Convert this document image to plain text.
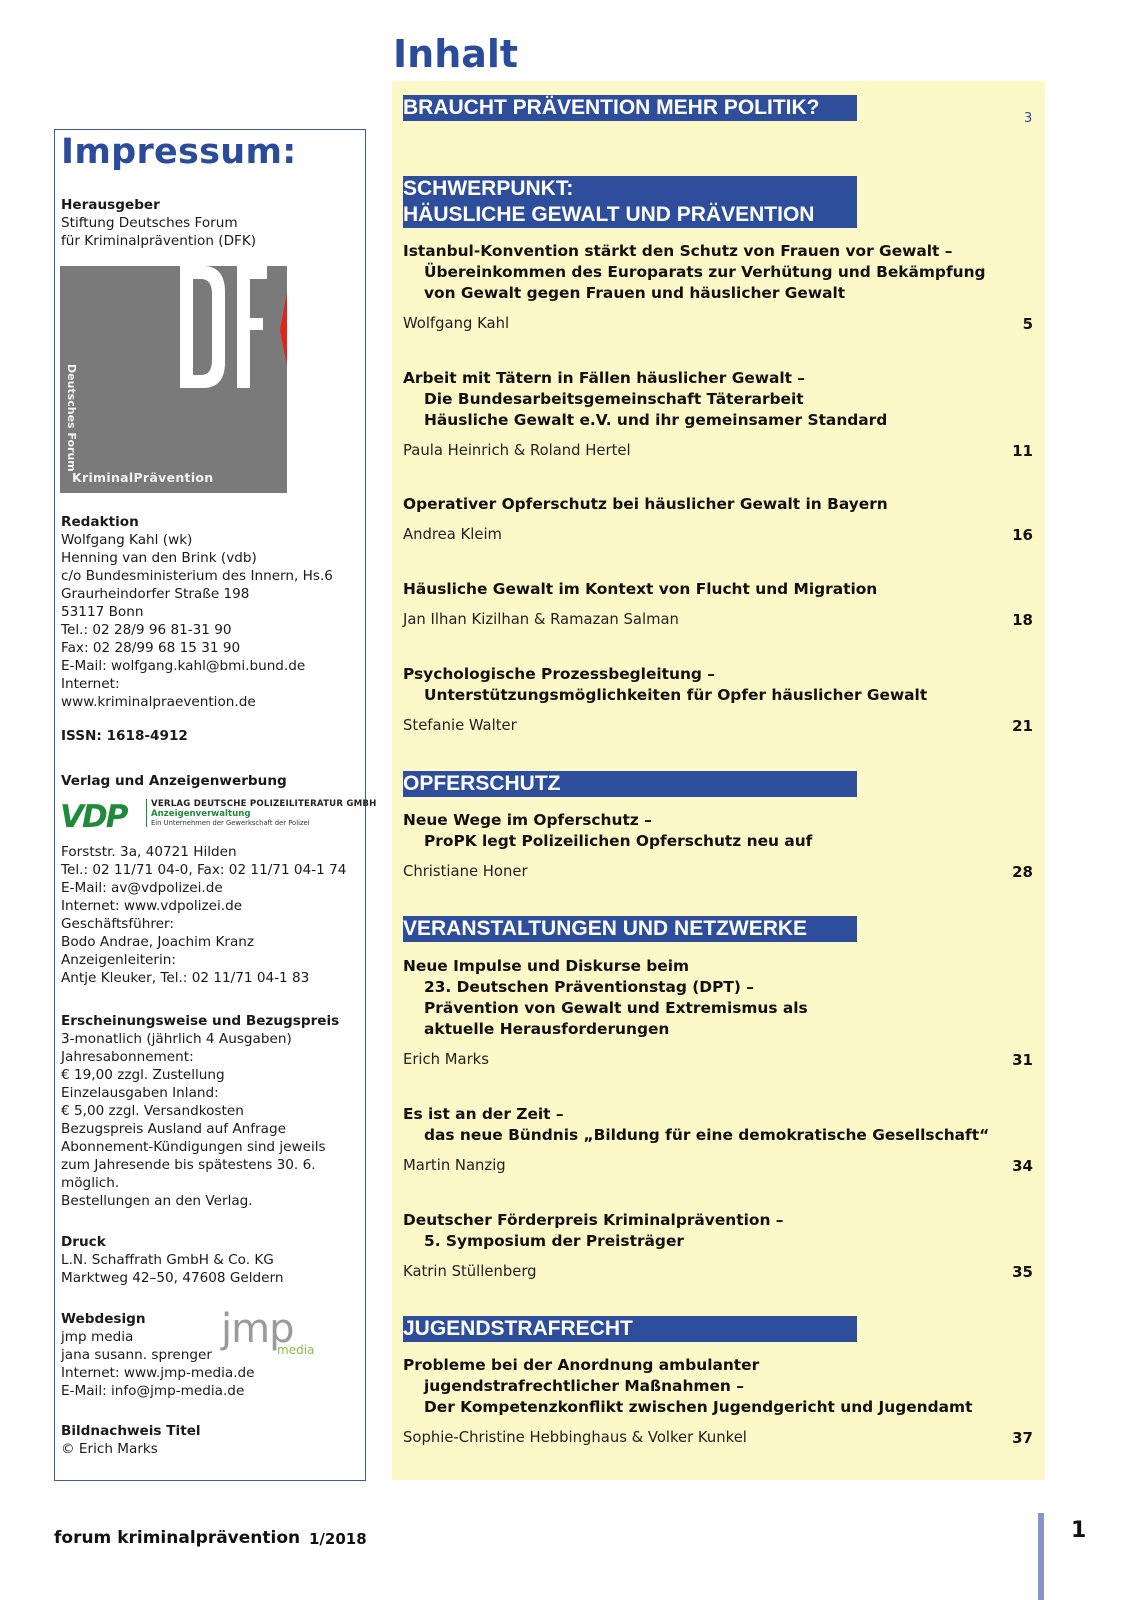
Impressum:
Herausgeber
Stiftung Deutsches Forum
für Kriminalprävention (DFK)
Deutsches Forum
KriminalPrävention
Redaktion
Wolfgang Kahl (wk)
Henning van den Brink (vdb)
c/o Bundesministerium des Innern, Hs.6
Graurheindorfer Straße 198
53117 Bonn
Tel.: 02 28/9 96 81-31 90
Fax: 02 28/99 68 15 31 90
E-Mail: wolfgang.kahl@bmi.bund.de
Internet:
www.kriminalpraevention.de
ISSN: 1618-4912
Verlag und Anzeigenwerbung
VDP	VERLAG DEUTSCHE POLIZEILITERATUR GMBH
Anzeigenverwaltung
Ein Unternehmen der Gewerkschaft der Polizei
Forststr. 3a, 40721 Hilden
Tel.: 02 11/71 04-0, Fax: 02 11/71 04-1 74
E-Mail: av@vdpolizei.de
Internet: www.vdpolizei.de
Geschäftsführer:
Bodo Andrae, Joachim Kranz
Anzeigenleiterin:
Antje Kleuker, Tel.: 02 11/71 04-1 83
Erscheinungsweise und Bezugspreis
3-monatlich (jährlich 4 Ausgaben)
Jahresabonnement:
€ 19,00 zzgl. Zustellung
Einzelausgaben Inland:
€ 5,00 zzgl. Versandkosten
Bezugspreis Ausland auf Anfrage
Abonnement-Kündigungen sind jeweils
zum Jahresende bis spätestens 30. 6.
möglich.
Bestellungen an den Verlag.
Druck
L.N. Schaffrath GmbH & Co. KG
Marktweg 42–50, 47608 Geldern
Webdesign
jmp media
jana susann. sprenger
Internet: www.jmp-media.de
E-Mail: info@jmp-media.de
jmp
media
Bildnachweis Titel
© Erich Marks
Inhalt
BRAUCHT PRÄVENTION MEHR POLITIK?	3
SCHWERPUNKT:
HÄUSLICHE GEWALT UND PRÄVENTION
Istanbul-Konvention stärkt den Schutz von Frauen vor Gewalt –
Übereinkommen des Europarats zur Verhütung und Bekämpfung
von Gewalt gegen Frauen und häuslicher Gewalt
Wolfgang Kahl	5
Arbeit mit Tätern in Fällen häuslicher Gewalt –
Die Bundesarbeitsgemeinschaft Täterarbeit
Häusliche Gewalt e.V. und ihr gemeinsamer Standard
Paula Heinrich & Roland Hertel	11
Operativer Opferschutz bei häuslicher Gewalt in Bayern
Andrea Kleim	16
Häusliche Gewalt im Kontext von Flucht und Migration
Jan Ilhan Kizilhan & Ramazan Salman	18
Psychologische Prozessbegleitung –
Unterstützungsmöglichkeiten für Opfer häuslicher Gewalt
Stefanie Walter	21
OPFERSCHUTZ
Neue Wege im Opferschutz –
ProPK legt Polizeilichen Opferschutz neu auf
Christiane Honer	28
VERANSTALTUNGEN UND NETZWERKE
Neue Impulse und Diskurse beim
23. Deutschen Präventionstag (DPT) –
Prävention von Gewalt und Extremismus als
aktuelle Herausforderungen
Erich Marks	31
Es ist an der Zeit –
das neue Bündnis „Bildung für eine demokratische Gesellschaft“
Martin Nanzig	34
Deutscher Förderpreis Kriminalprävention –
5. Symposium der Preisträger
Katrin Stüllenberg	35
JUGENDSTRAFRECHT
Probleme bei der Anordnung ambulanter
jugendstrafrechtlicher Maßnahmen –
Der Kompetenzkonflikt zwischen Jugendgericht und Jugendamt
Sophie-Christine Hebbinghaus & Volker Kunkel	37
forum kriminalprävention 1/2018	1
